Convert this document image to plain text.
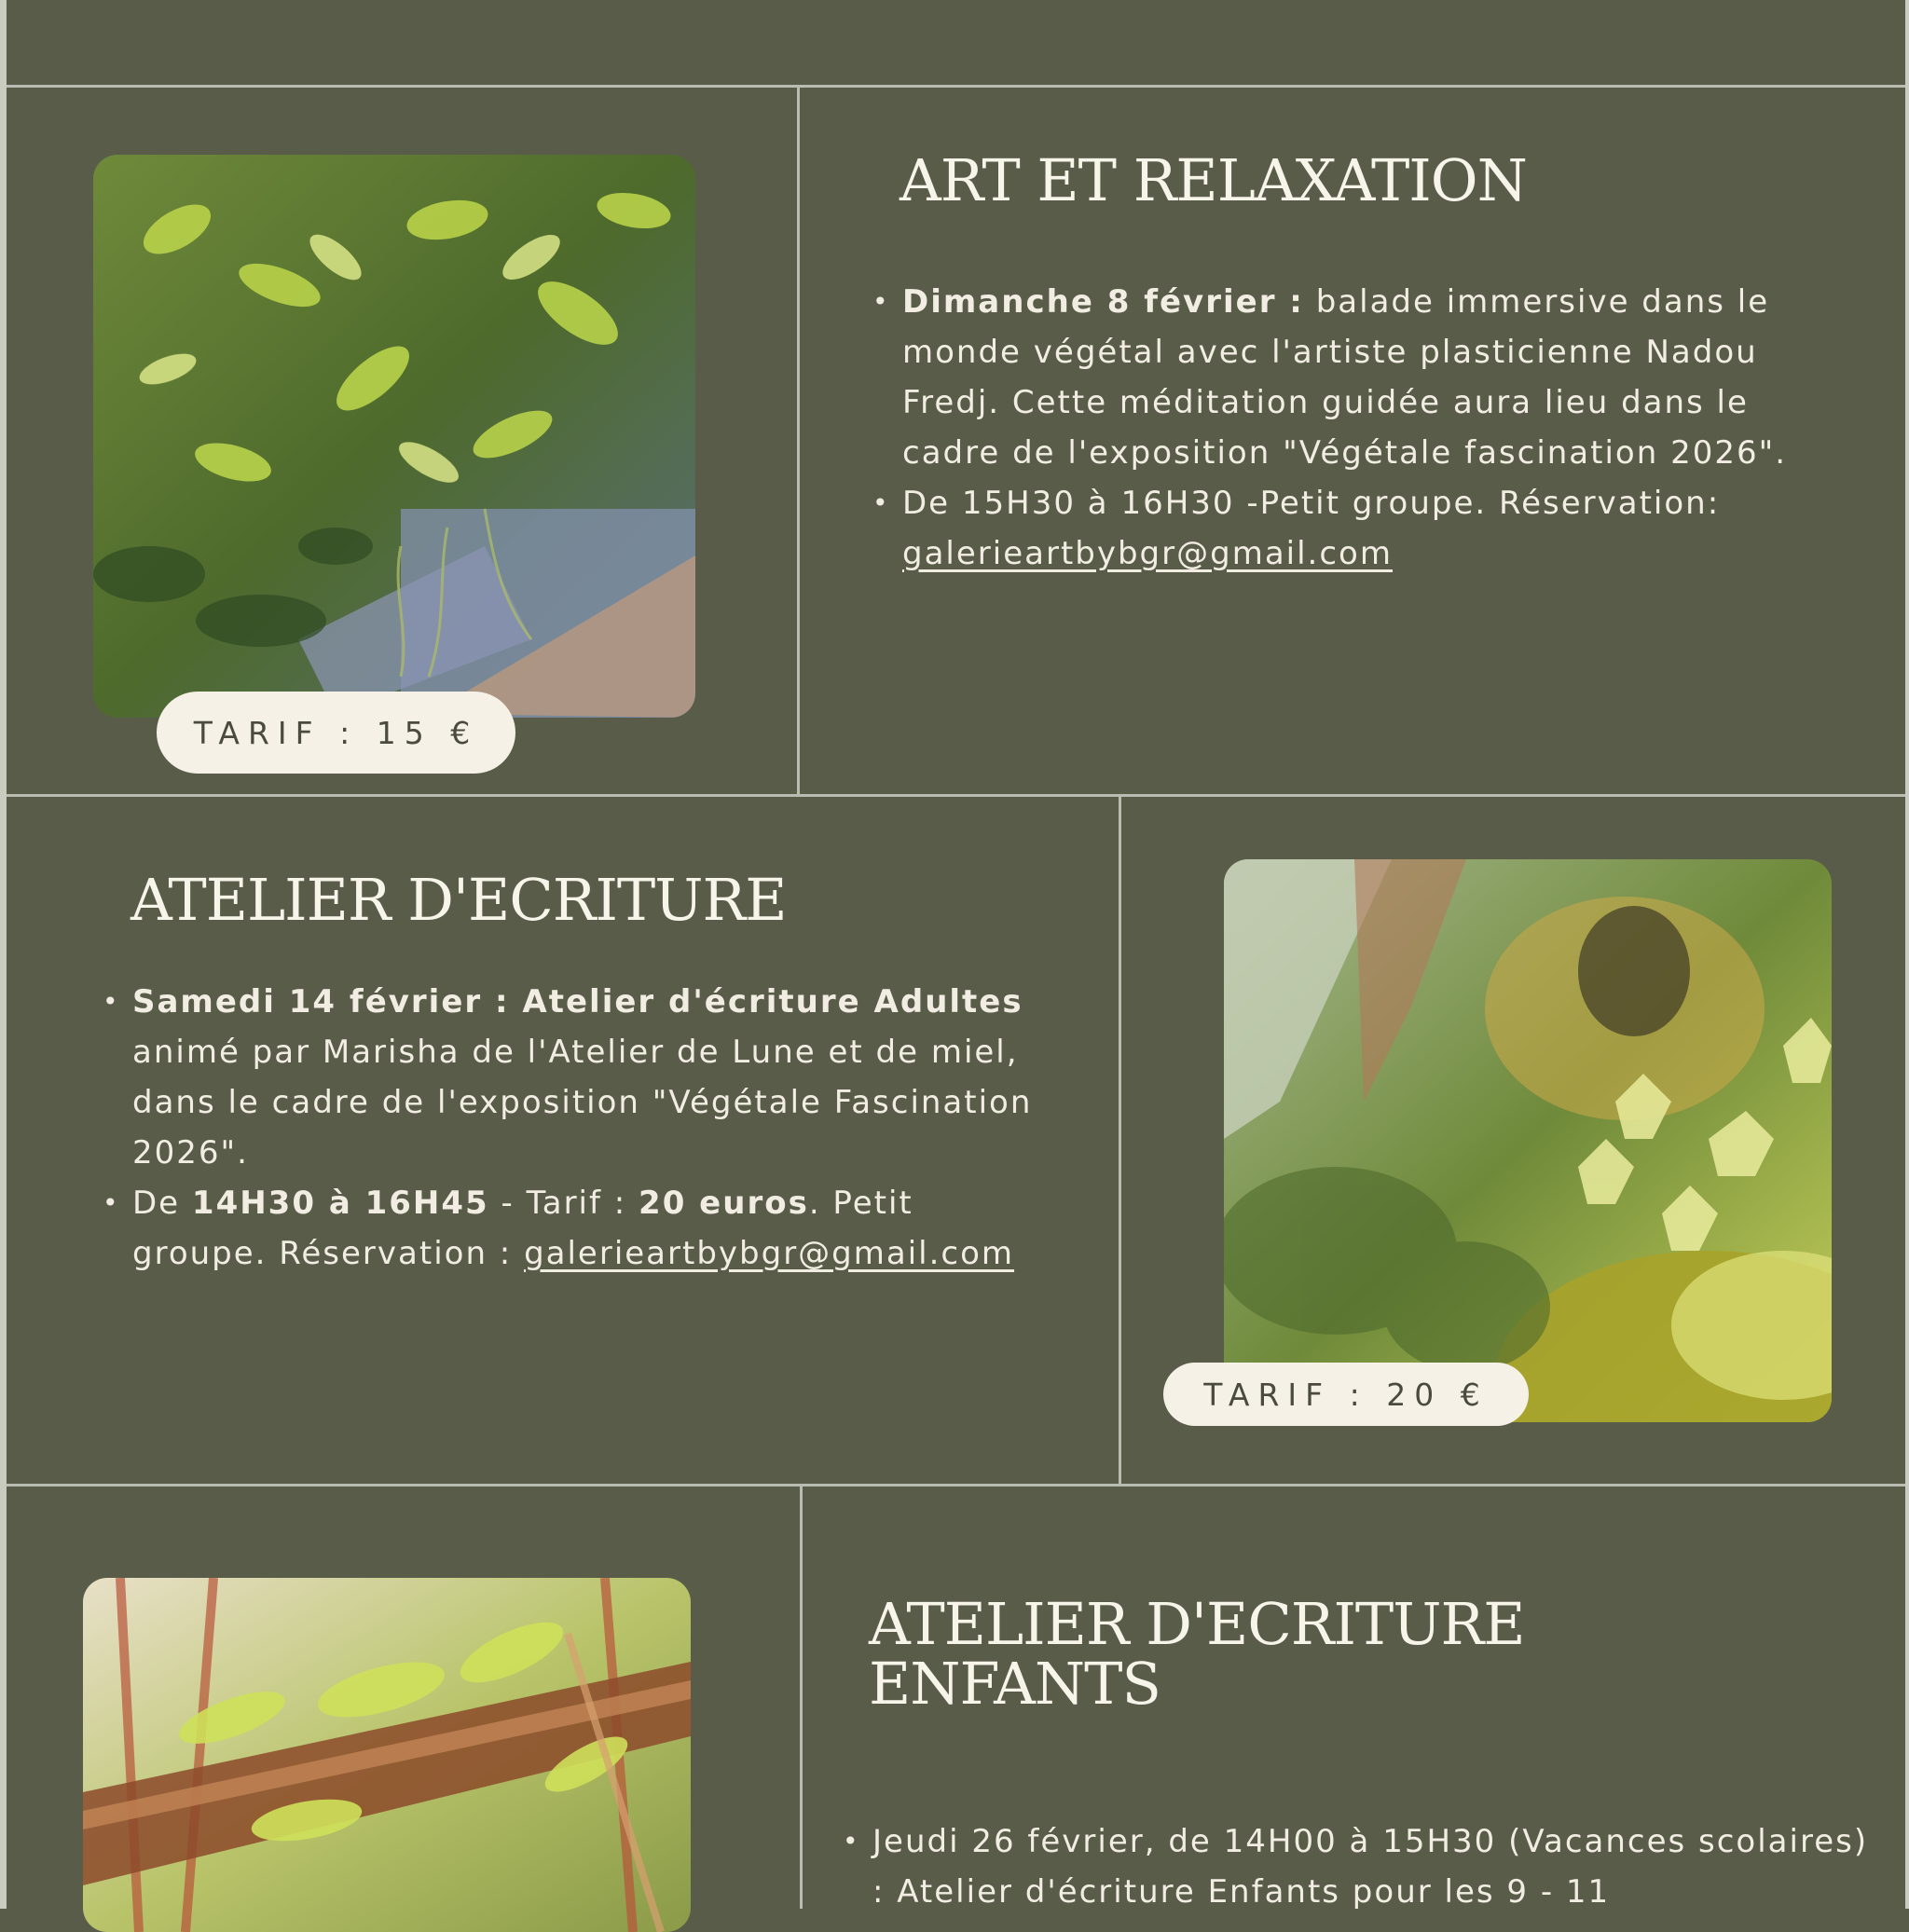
TARIF : 15 €
ART ET RELAXATION
• Dimanche 8 février : balade immersive dans le monde végétal avec l'artiste plasticienne Nadou Fredj. Cette méditation guidée aura lieu dans le cadre de l'exposition "Végétale fascination 2026".
• De 15H30 à 16H30 -Petit groupe. Réservation: galerieartbybgr@gmail.com
ATELIER D'ECRITURE
• Samedi 14 février : Atelier d'écriture Adultes animé par Marisha de l'Atelier de Lune et de miel, dans le cadre de l'exposition "Végétale Fascination 2026".
• De 14H30 à 16H45 - Tarif : 20 euros. Petit groupe. Réservation : galerieartbybgr@gmail.com
TARIF : 20 €
ATELIER D'ECRITURE
ENFANTS
• Jeudi 26 février, de 14H00 à 15H30 (Vacances scolaires) : Atelier d'écriture Enfants pour les 9 - 11
